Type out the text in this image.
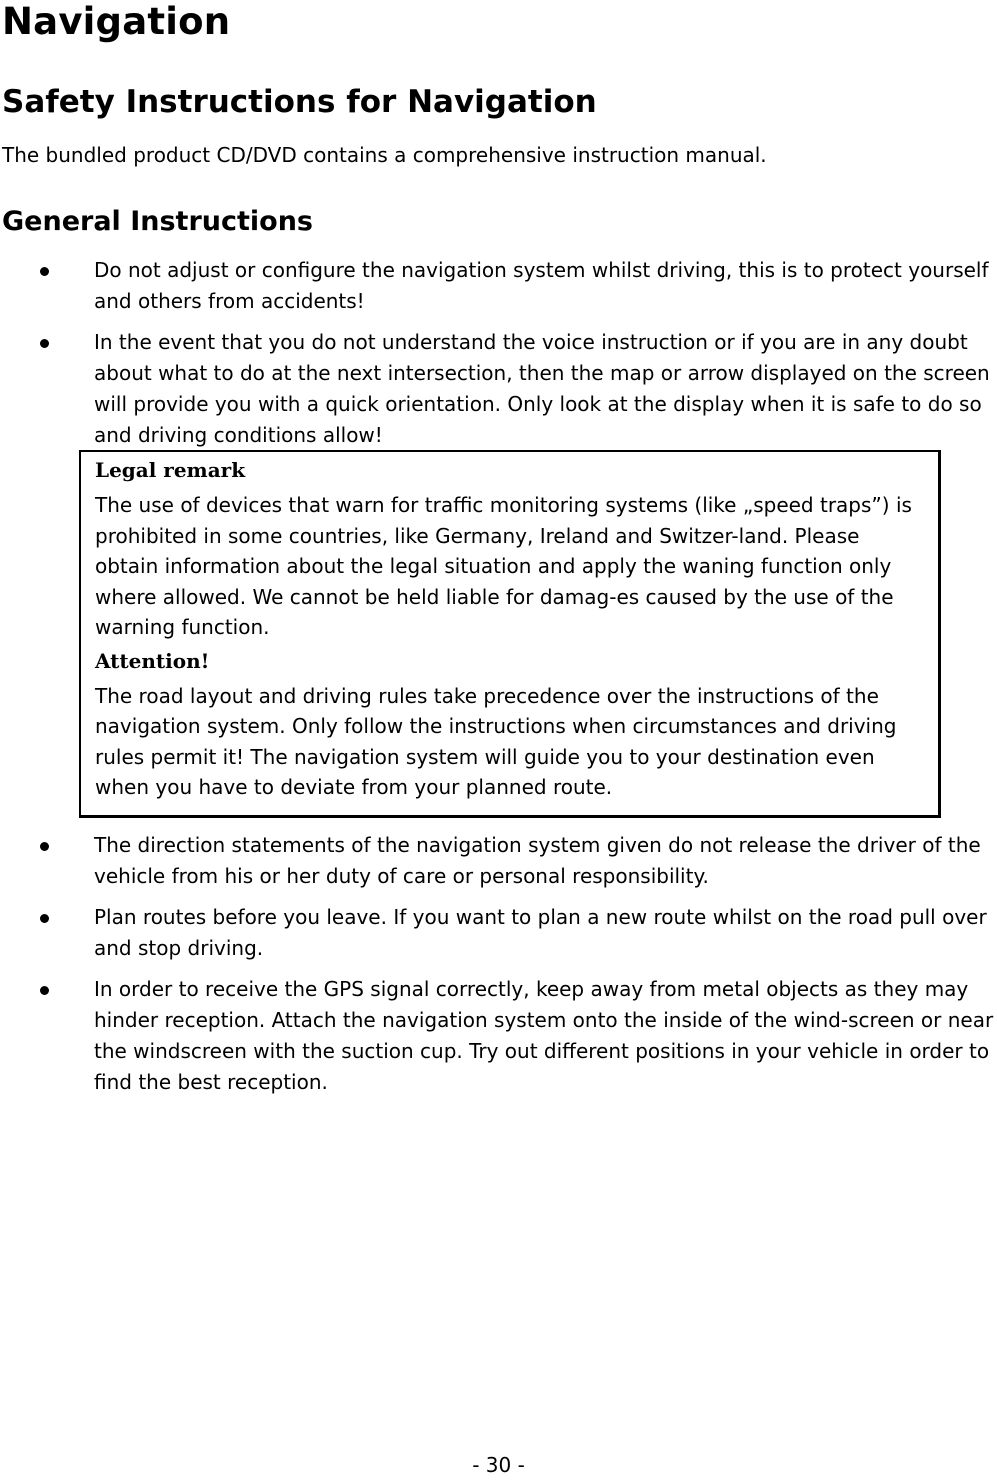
Navigation
Safety Instructions for Navigation

The bundled product CD/DVD contains a comprehensive instruction manual.

General Instructions
Do not adjust or configure the navigation system whilst driving, this is to protect yourself and others from accidents!
In the event that you do not understand the voice instruction or if you are in any doubt about what to do at the next intersection, then the map or arrow displayed on the screen will provide you with a quick orientation. Only look at the display when it is safe to do so and driving conditions allow!

Legal remark

The use of devices that warn for traffic monitoring systems (like „speed traps”) is prohibited in some countries, like Germany, Ireland and Switzer-land. Please obtain information about the legal situation and apply the waning function only where allowed. We cannot be held liable for damag-es caused by the use of the warning function.

Attention!

The road layout and driving rules take precedence over the instructions of the navigation system. Only follow the instructions when circumstances and driving rules permit it! The navigation system will guide you to your destination even when you have to deviate from your planned route.

The direction statements of the navigation system given do not release the driver of the vehicle from his or her duty of care or personal responsibility.
Plan routes before you leave. If you want to plan a new route whilst on the road pull over and stop driving.
In order to receive the GPS signal correctly, keep away from metal objects as they may hinder reception. Attach the navigation system onto the inside of the wind-screen or near the windscreen with the suction cup. Try out different positions in your vehicle in order to find the best reception.

- 30 -
